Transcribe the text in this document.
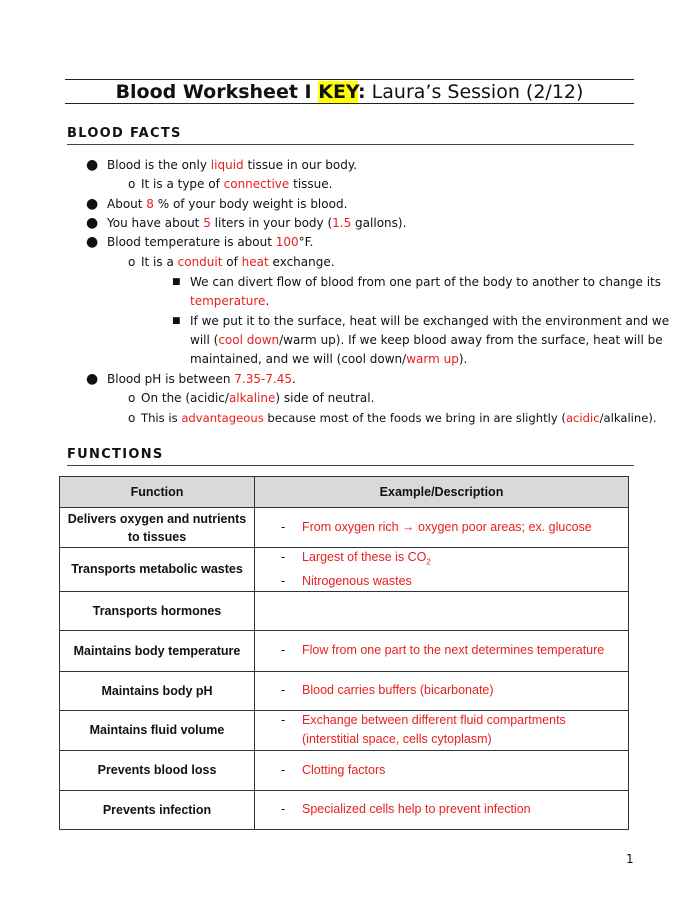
Blood Worksheet I KEY: Laura’s Session (2/12)
BLOOD FACTS
● Blood is the only liquid tissue in our body.
o It is a type of connective tissue.
● About 8 % of your body weight is blood.
● You have about 5 liters in your body (1.5 gallons).
● Blood temperature is about 100°F.
o It is a conduit of heat exchange.
■ We can divert flow of blood from one part of the body to another to change its
temperature.
■ If we put it to the surface, heat will be exchanged with the environment and we
will (cool down/warm up). If we keep blood away from the surface, heat will be
maintained, and we will (cool down/warm up).
● Blood pH is between 7.35-7.45.
o On the (acidic/alkaline) side of neutral.
o This is advantageous because most of the foods we bring in are slightly (acidic/alkaline).
FUNCTIONS
Function	Example/Description
Delivers oxygen and nutrients to tissues	- From oxygen rich → oxygen poor areas; ex. glucose

Transports metabolic wastes	- Largest of these is $CO_2$
- Nitrogenous wastes

Transports hormones	
Maintains body temperature	- Flow from one part to the next determines temperature

Maintains body pH	- Blood carries buffers (bicarbonate)

Maintains fluid volume	- Exchange between different fluid compartments
(interstitial space, cells cytoplasm)

Prevents blood loss	- Clotting factors

Prevents infection	- Specialized cells help to prevent infection
1
